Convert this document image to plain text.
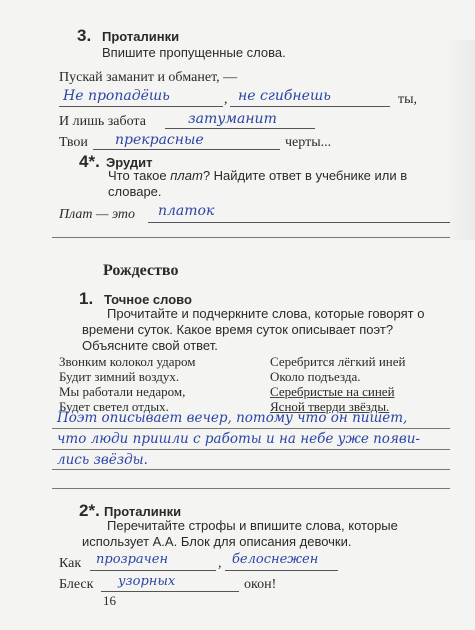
3. Проталинки
Впишите пропущенные слова.
Пускай заманит и обманет, —
Не пропадёшь	, не сгибнешь	ты,
И лишь забота	затуманит
Твои прекрасные	черты...
4*. Эрудит
Что такое плат? Найдите ответ в учебнике или в словаре.
Плат — это платок
Рождество
1. Точное слово
Прочитайте и подчеркните слова, которые говорят о времени суток. Какое время суток описывает поэт? Объясните свой ответ.
Звонким колокол ударом
Будит зимний воздух.
Мы работали недаром,
Будет светел отдых.
Серебрится лёгкий иней
Около подъезда.
Серебристые на синей
Ясной тверди звёзды.
Поэт описывает вечер, потому что он пишет,
что люди пришли с работы и на небе уже появи-
лись звёзды.
2*. Проталинки
Перечитайте строфы и впишите слова, которые использует А.А. Блок для описания девочки.
Как прозрачен	, белоснежен
Блеск узорных	окон!
16
